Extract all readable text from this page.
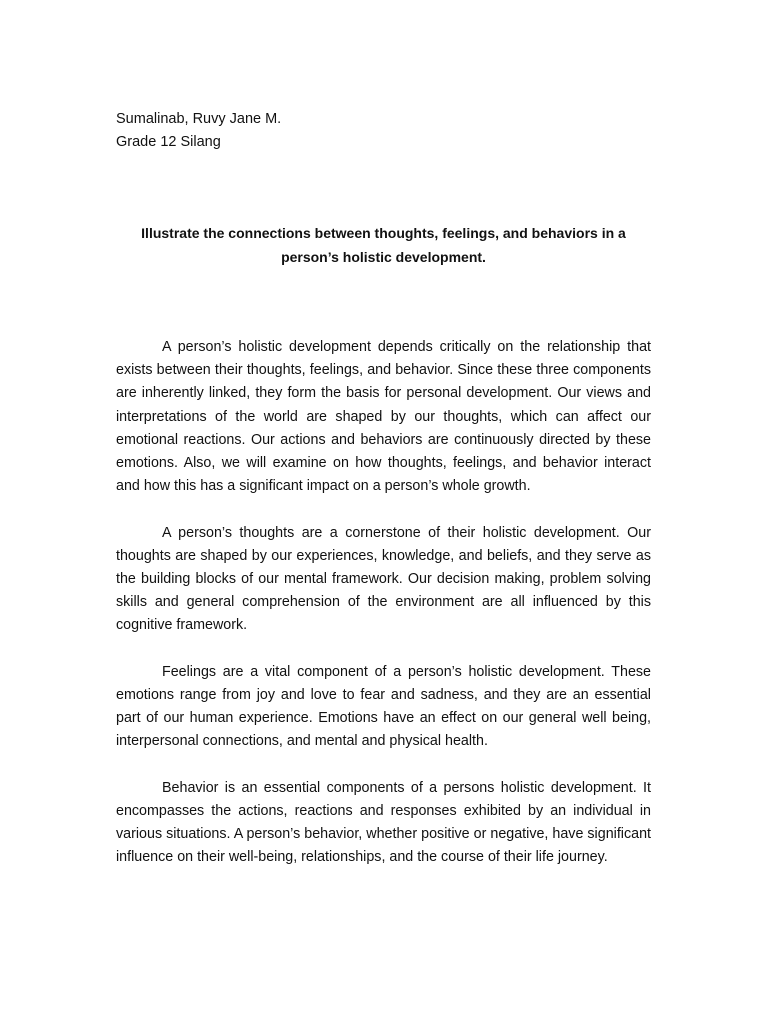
Sumalinab, Ruvy Jane M.
Grade 12 Silang
Illustrate the connections between thoughts, feelings, and behaviors in a person’s holistic development.

A person’s holistic development depends critically on the relationship that exists between their thoughts, feelings, and behavior. Since these three components are inherently linked, they form the basis for personal development. Our views and interpretations of the world are shaped by our thoughts, which can affect our emotional reactions. Our actions and behaviors are continuously directed by these emotions. Also, we will examine on how thoughts, feelings, and behavior interact and how this has a significant impact on a person’s whole growth.

A person’s thoughts are a cornerstone of their holistic development. Our thoughts are shaped by our experiences, knowledge, and beliefs, and they serve as the building blocks of our mental framework. Our decision making, problem solving skills and general comprehension of the environment are all influenced by this cognitive framework.

Feelings are a vital component of a person’s holistic development. These emotions range from joy and love to fear and sadness, and they are an essential part of our human experience. Emotions have an effect on our general well being, interpersonal connections, and mental and physical health.

Behavior is an essential components of a persons holistic development. It encompasses the actions, reactions and responses exhibited by an individual in various situations. A person’s behavior, whether positive or negative, have significant influence on their well-being, relationships, and the course of their life journey.
